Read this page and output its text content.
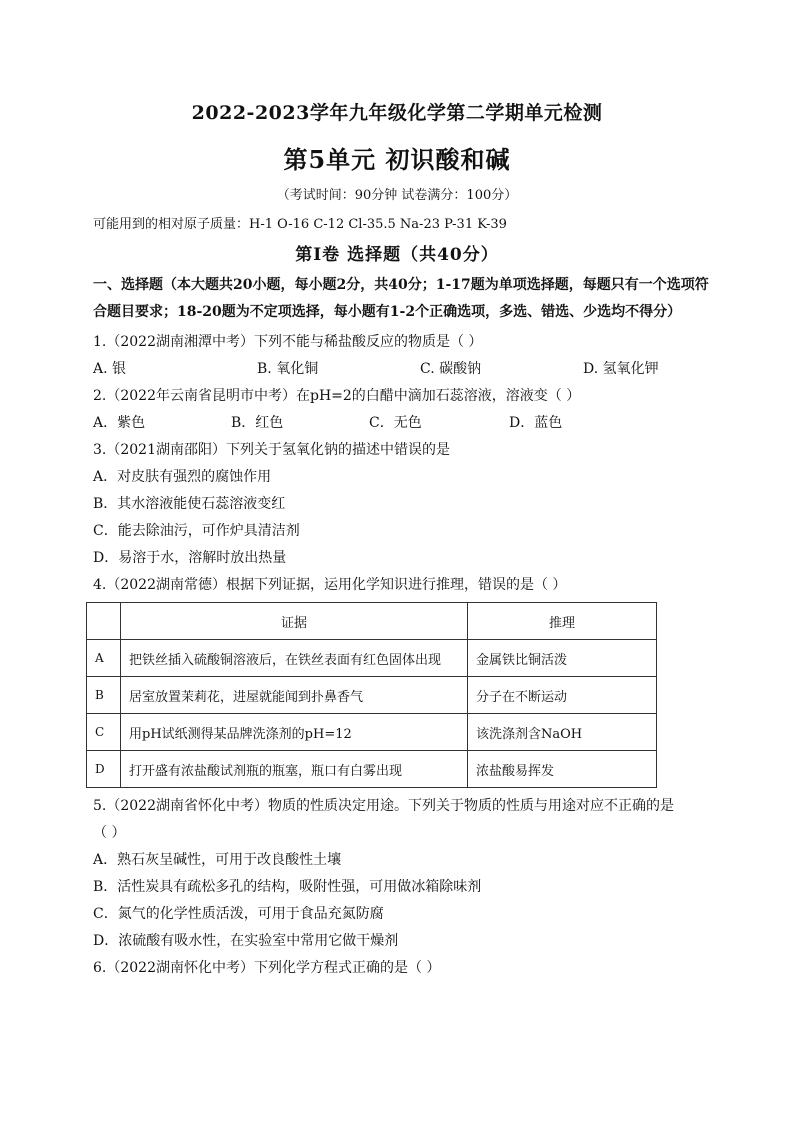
2022-2023学年九年级化学第二学期单元检测
第5单元 初识酸和碱
（考试时间：90分钟 试卷满分：100分）
可能用到的相对原子质量：H-1 O-16 C-12 Cl-35.5 Na-23 P-31 K-39
第Ⅰ卷 选择题（共40分）
一、选择题（本大题共20小题，每小题2分，共40分；1-17题为单项选择题，每题只有一个选项符合题目要求；18-20题为不定项选择，每小题有1-2个正确选项，多选、错选、少选均不得分）
1.（2022湖南湘潭中考）下列不能与稀盐酸反应的物质是（ ）
A. 银	B. 氧化铜	C. 碳酸钠	D. 氢氧化钾
2.（2022年云南省昆明市中考）在pH=2的白醋中滴加石蕊溶液，溶液变（ ）
A．紫色	B．红色	C．无色	D．蓝色
3.（2021湖南邵阳）下列关于氢氧化钠的描述中错误的是
A．对皮肤有强烈的腐蚀作用
B．其水溶液能使石蕊溶液变红
C．能去除油污，可作炉具清洁剂
D．易溶于水，溶解时放出热量
4.（2022湖南常德）根据下列证据，运用化学知识进行推理，错误的是（ ）
	证据	推理
A	把铁丝插入硫酸铜溶液后，在铁丝表面有红色固体出现	金属铁比铜活泼
B	居室放置茉莉花，进屋就能闻到扑鼻香气	分子在不断运动
C	用pH试纸测得某品牌洗涤剂的pH=12	该洗涤剂含NaOH
D	打开盛有浓盐酸试剂瓶的瓶塞，瓶口有白雾出现	浓盐酸易挥发
5.（2022湖南省怀化中考）物质的性质决定用途。下列关于物质的性质与用途对应不正确的是
（ ）
A．熟石灰呈碱性，可用于改良酸性土壤
B．活性炭具有疏松多孔的结构，吸附性强，可用做冰箱除味剂
C．氮气的化学性质活泼，可用于食品充氮防腐
D．浓硫酸有吸水性，在实验室中常用它做干燥剂
6.（2022湖南怀化中考）下列化学方程式正确的是（ ）
